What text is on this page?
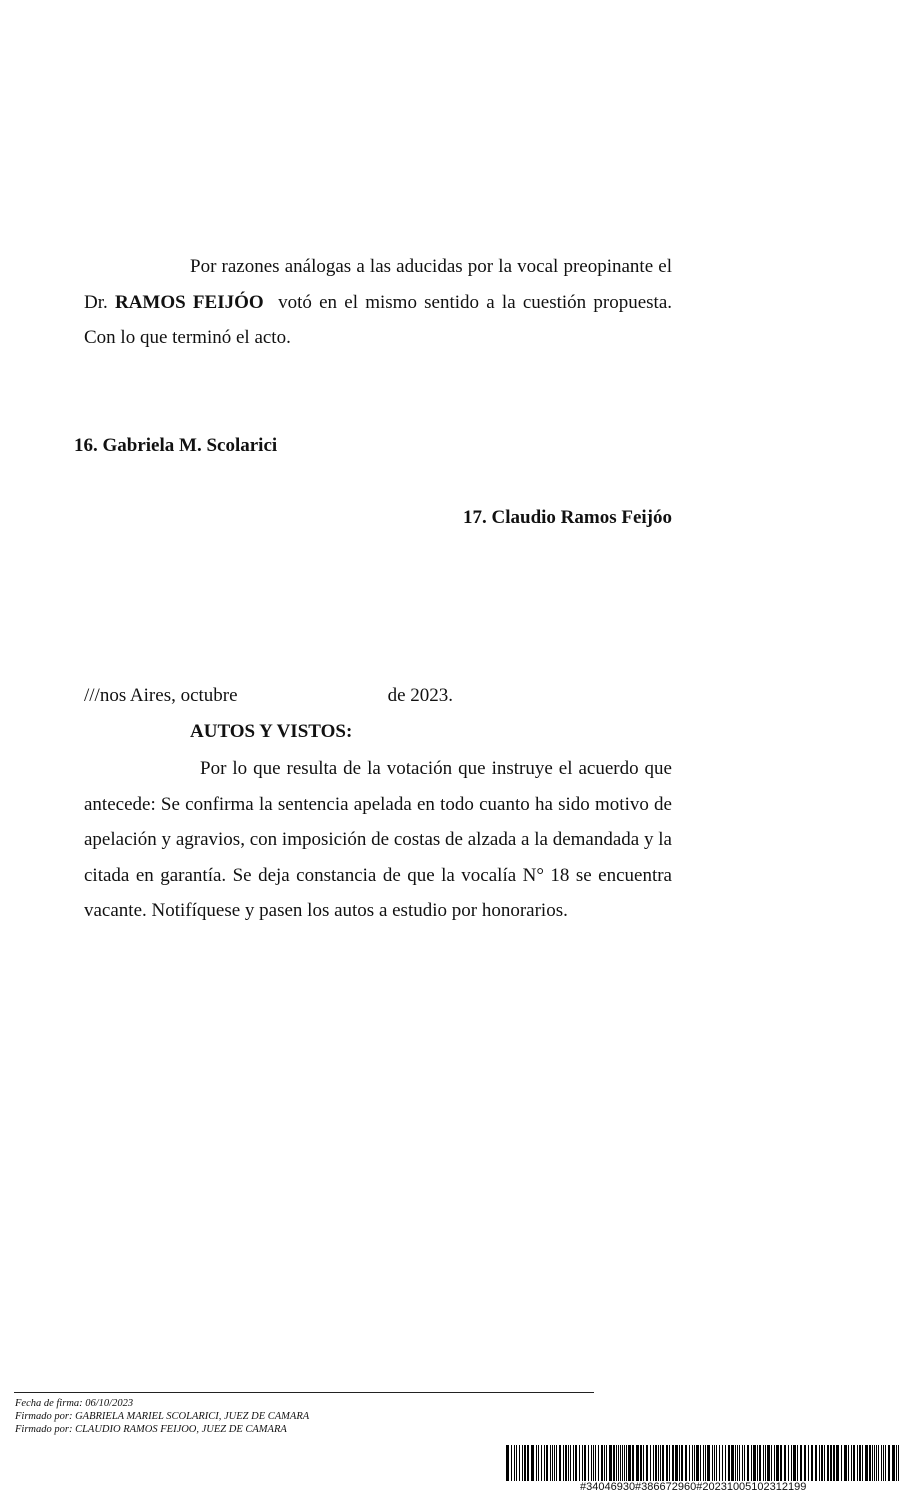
Por razones análogas a las aducidas por la vocal preopinante el Dr. RAMOS FEIJÓO  votó en el mismo sentido a la cuestión propuesta.  Con lo que terminó el acto.
16. Gabriela M. Scolarici
17. Claudio Ramos Feijóo
///nos Aires, octubre	de 2023.
AUTOS Y VISTOS:
Por lo que resulta de la votación que instruye el acuerdo que antecede: Se confirma la sentencia apelada en todo cuanto ha sido motivo de apelación y agravios, con imposición de costas de alzada a la demandada y la citada en garantía. Se deja constancia de que la vocalía N° 18 se encuentra vacante. Notifíquese y pasen los autos a estudio por honorarios.
Fecha de firma: 06/10/2023
Firmado por: GABRIELA MARIEL SCOLARICI, JUEZ DE CAMARA
Firmado por: CLAUDIO RAMOS FEIJOO, JUEZ DE CAMARA
#34046930#386672960#20231005102312199
